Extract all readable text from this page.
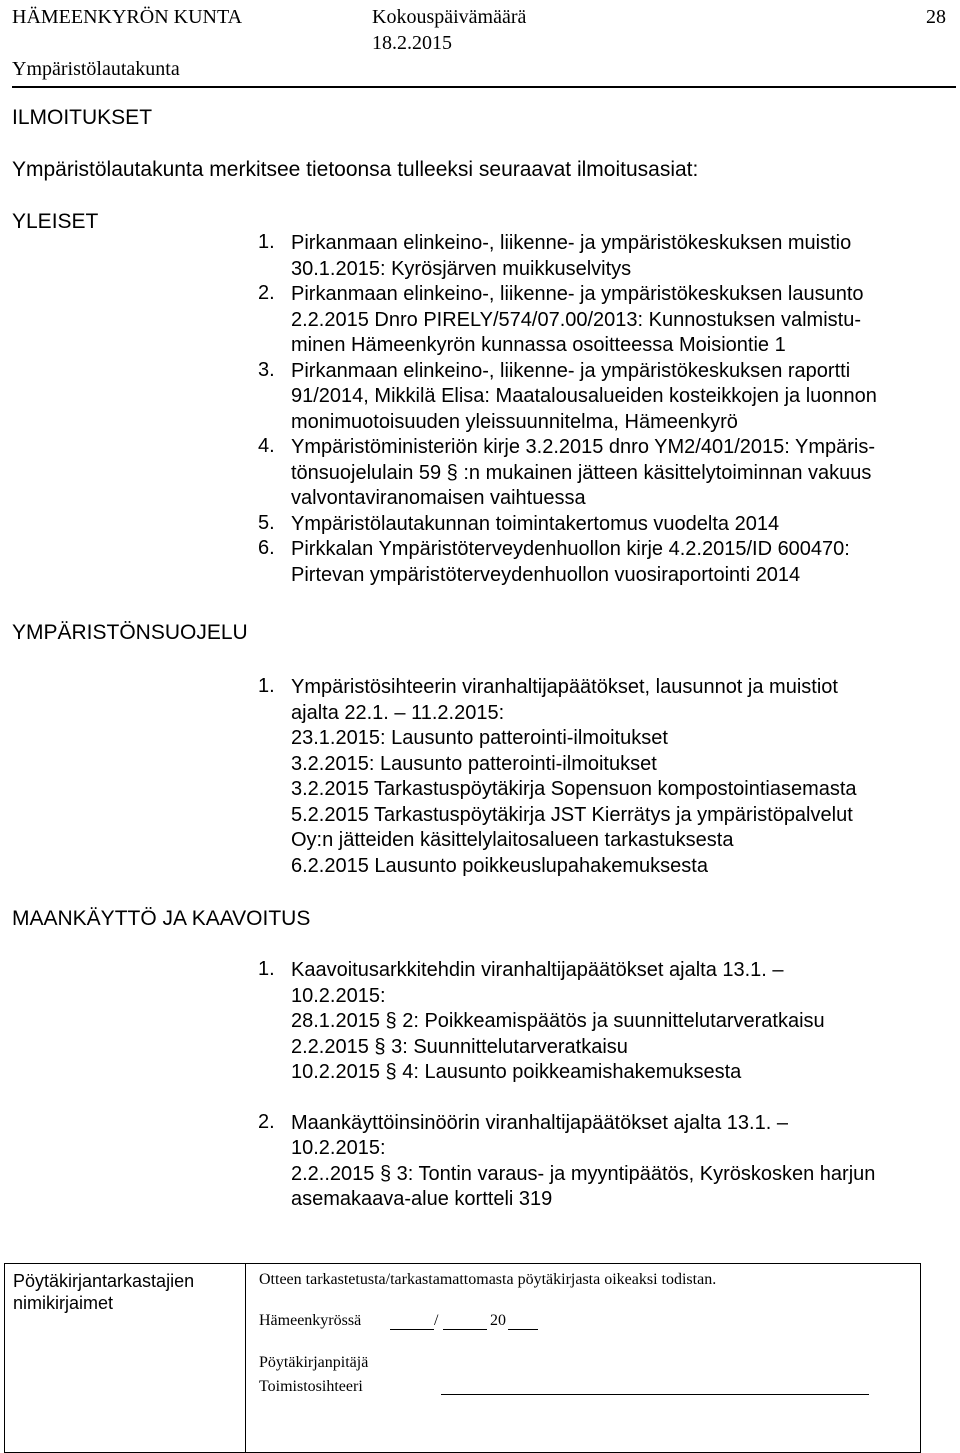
HÄMEENKYRÖN KUNTA	Kokouspäivämäärä
18.2.2015
28
Ympäristölautakunta
ILMOITUKSET
Ympäristölautakunta merkitsee tietoonsa tulleeksi seuraavat ilmoitusasiat:
YLEISET
YMPÄRISTÖNSUOJELU
MAANKÄYTTÖ JA KAAVOITUS
1. Pirkanmaan elinkeino-, liikenne- ja ympäristökeskuksen muistio
30.1.2015: Kyrösjärven muikkuselvitys
2. Pirkanmaan elinkeino-, liikenne- ja ympäristökeskuksen lausunto
2.2.2015 Dnro PIRELY/574/07.00/2013: Kunnostuksen valmistu-
minen Hämeenkyrön kunnassa osoitteessa Moisiontie 1
3. Pirkanmaan elinkeino-, liikenne- ja ympäristökeskuksen raportti
91/2014, Mikkilä Elisa: Maatalousalueiden kosteikkojen ja luonnon
monimuotoisuuden yleissuunnitelma, Hämeenkyrö
4. Ympäristöministeriön kirje 3.2.2015 dnro YM2/401/2015: Ympäris-
tönsuojelulain 59 § :n mukainen jätteen käsittelytoiminnan vakuus
valvontaviranomaisen vaihtuessa
5. Ympäristölautakunnan toimintakertomus vuodelta 2014
6. Pirkkalan Ympäristöterveydenhuollon kirje 4.2.2015/ID 600470:
Pirtevan ympäristöterveydenhuollon vuosiraportointi 2014
1. Ympäristösihteerin viranhaltijapäätökset, lausunnot ja muistiot
ajalta 22.1. – 11.2.2015:
23.1.2015: Lausunto patterointi-ilmoitukset
3.2.2015: Lausunto patterointi-ilmoitukset
3.2.2015 Tarkastuspöytäkirja Sopensuon kompostointiasemasta
5.2.2015 Tarkastuspöytäkirja JST Kierrätys ja ympäristöpalvelut
Oy:n jätteiden käsittelylaitosalueen tarkastuksesta
6.2.2015 Lausunto poikkeuslupahakemuksesta
1. Kaavoitusarkkitehdin viranhaltijapäätökset ajalta 13.1. –
10.2.2015:
28.1.2015 § 2: Poikkeamispäätös ja suunnittelutarveratkaisu
2.2.2015 § 3: Suunnittelutarveratkaisu
10.2.2015 § 4: Lausunto poikkeamishakemuksesta
2. Maankäyttöinsinöörin viranhaltijapäätökset ajalta 13.1. –
10.2.2015:
2.2..2015 § 3: Tontin varaus- ja myyntipäätös, Kyröskosken harjun
asemakaava-alue kortteli 319
Pöytäkirjantarkastajien
nimikirjaimet
Otteen tarkastetusta/tarkastamattomasta pöytäkirjasta oikeaksi todistan.
Hämeenkyrössä	/	20
Pöytäkirjanpitäjä
Toimistosihteeri
